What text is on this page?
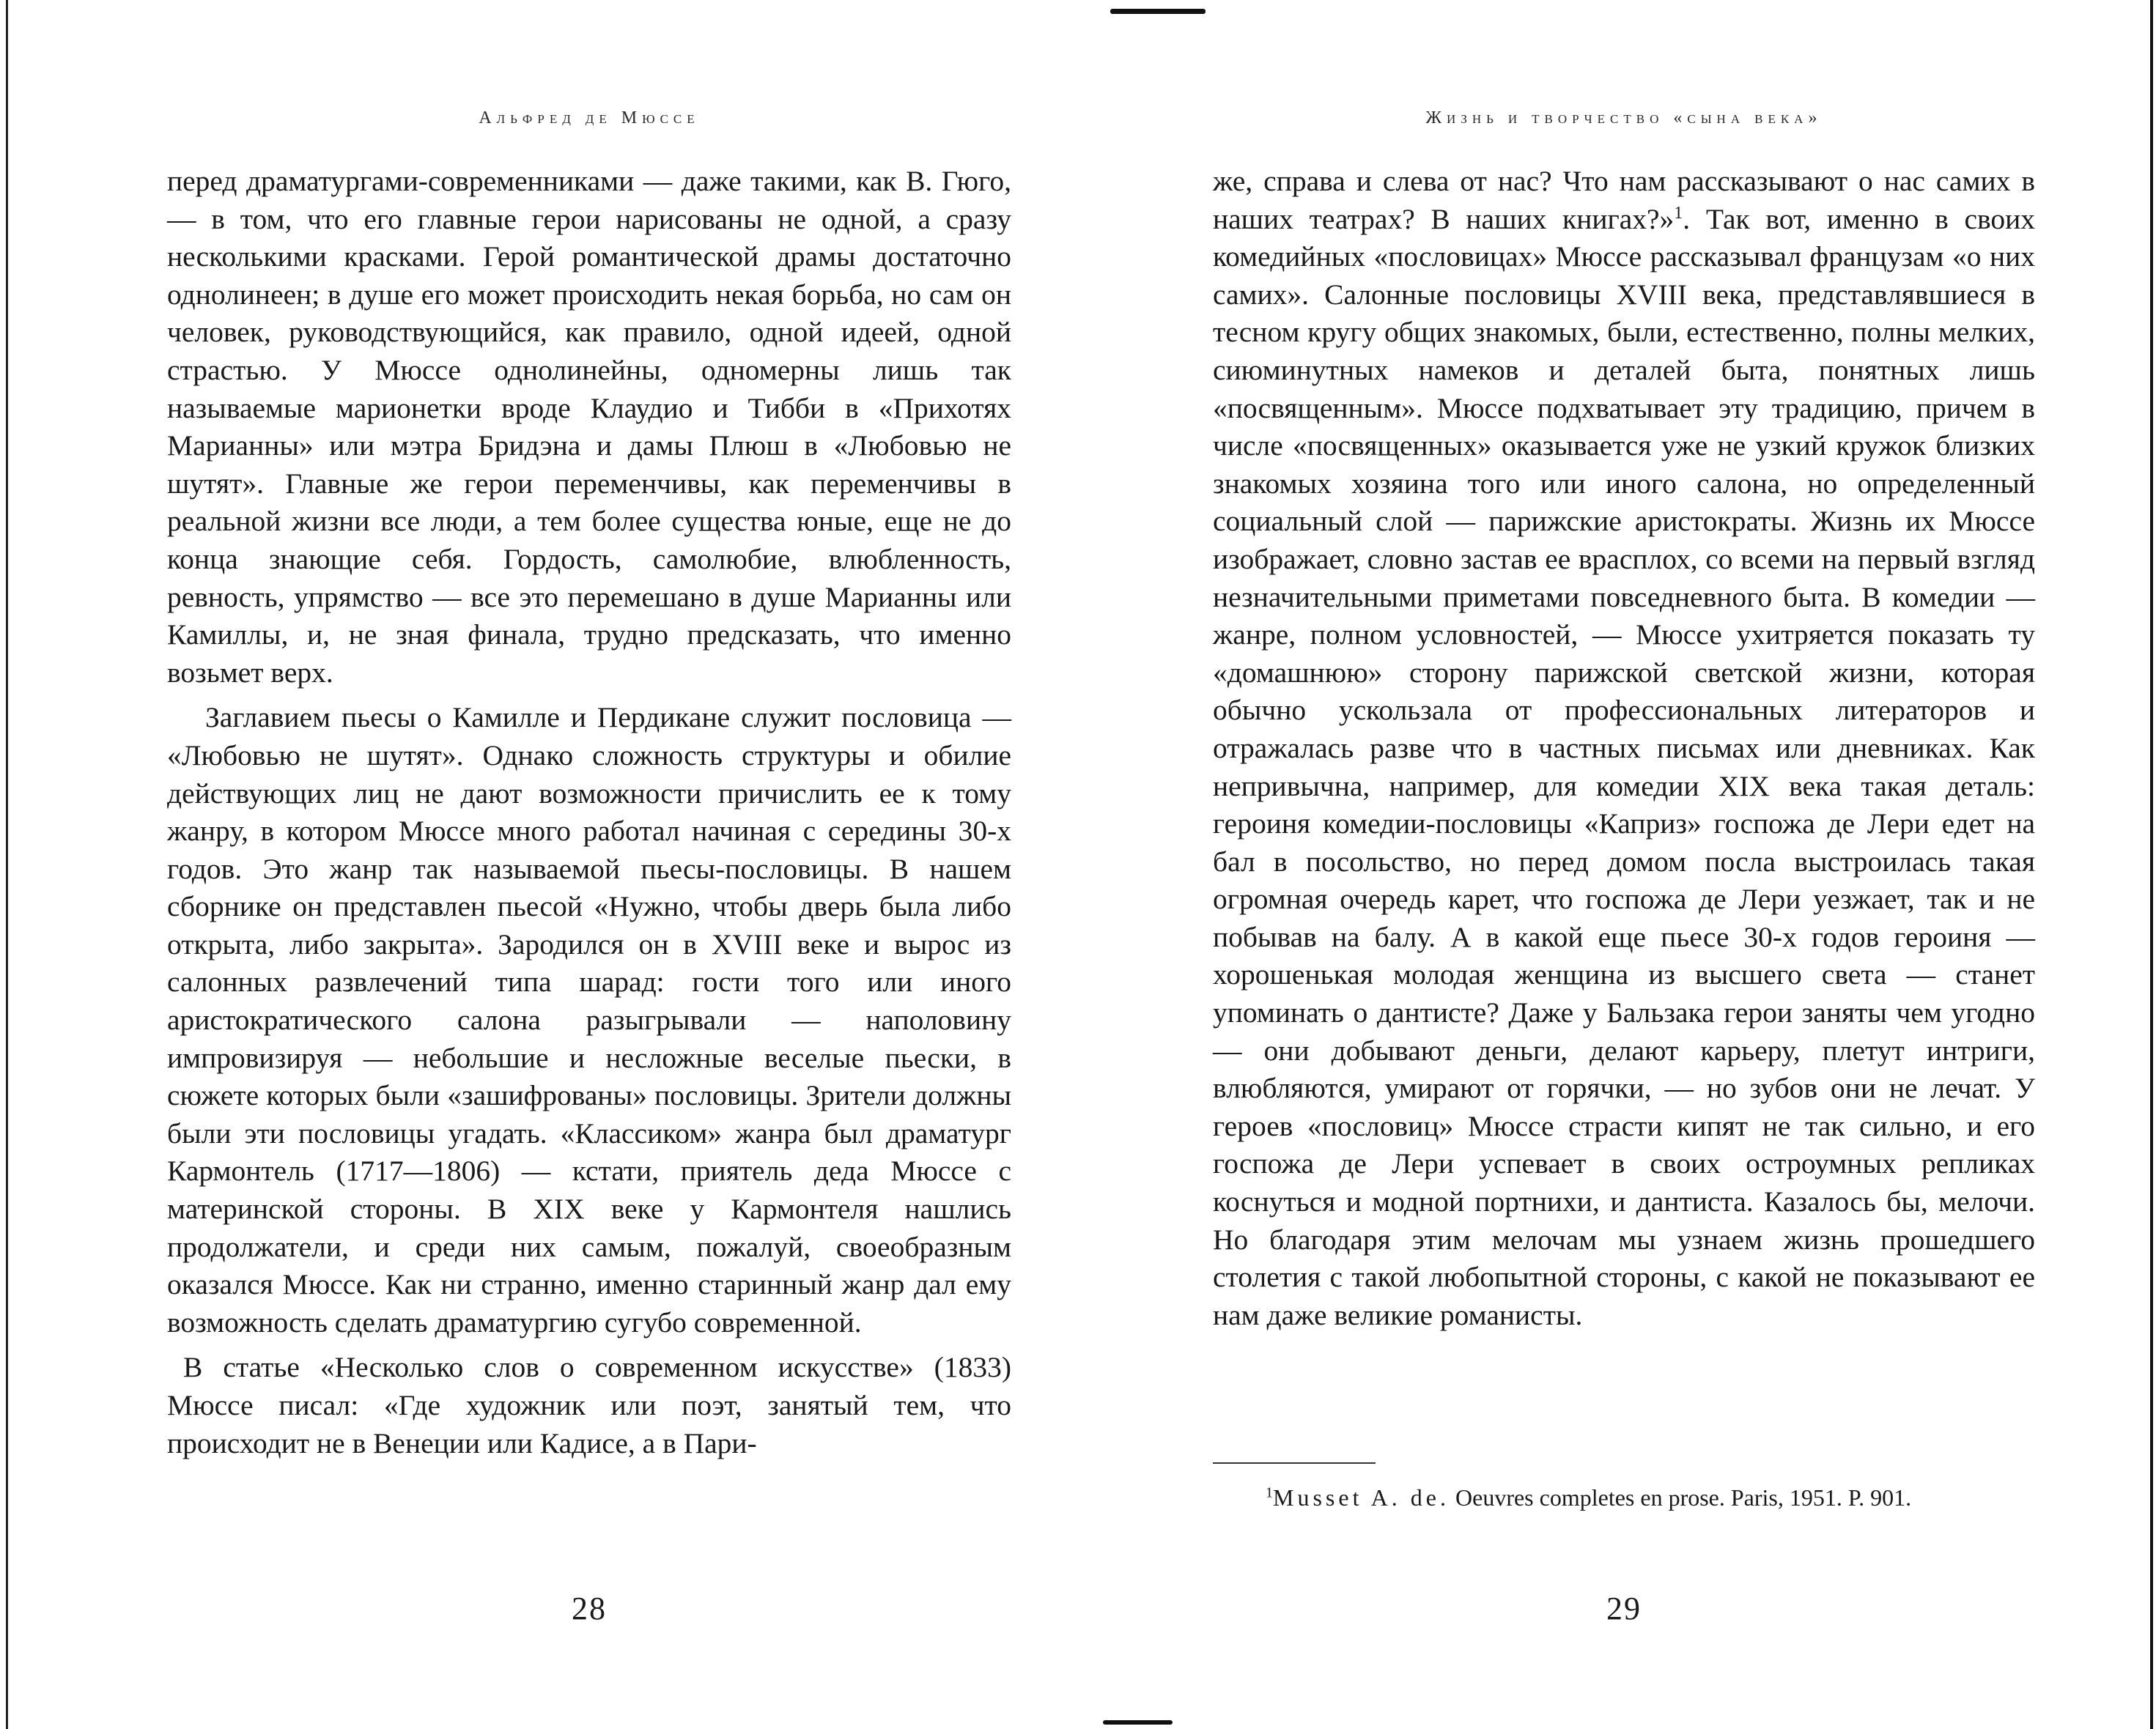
Альфред де Мюссе

перед драматургами-современниками — даже такими, как В. Гюго, — в том, что его главные герои нарисованы не одной, а сразу несколькими красками. Герой романтической драмы достаточно однолинеен; в душе его может происходить некая борьба, но сам он человек, руководствующийся, как правило, одной идеей, одной страстью. У Мюссе однолинейны, одномерны лишь так называемые марионетки вроде Клаудио и Тибби в «Прихотях Марианны» или мэтра Бридэна и дамы Плюш в «Любовью не шутят». Главные же герои переменчивы, как переменчивы в реальной жизни все люди, а тем более существа юные, еще не до конца знающие себя. Гордость, самолюбие, влюбленность, ревность, упрямство — все это перемешано в душе Марианны или Камиллы, и, не зная финала, трудно предсказать, что именно возьмет верх.

Заглавием пьесы о Камилле и Пердикане служит пословица — «Любовью не шутят». Однако сложность структуры и обилие действующих лиц не дают возможности причислить ее к тому жанру, в котором Мюссе много работал начиная с середины 30-х годов. Это жанр так называемой пьесы-пословицы. В нашем сборнике он представлен пьесой «Нужно, чтобы дверь была либо открыта, либо закрыта». Зародился он в XVIII веке и вырос из салонных развлечений типа шарад: гости того или иного аристократического салона разыгрывали — наполовину импровизируя — небольшие и несложные веселые пьески, в сюжете которых были «зашифрованы» пословицы. Зрители должны были эти пословицы угадать. «Классиком» жанра был драматург Кармонтель (1717—1806) — кстати, приятель деда Мюссе с материнской стороны. В XIX веке у Кармонтеля нашлись продолжатели, и среди них самым, пожалуй, своеобразным оказался Мюссе. Как ни странно, именно старинный жанр дал ему возможность сделать драматургию сугубо современной.

В статье «Несколько слов о современном искусстве» (1833) Мюссе писал: «Где художник или поэт, занятый тем, что происходит не в Венеции или Кадисе, а в Пари-

28
Жизнь и творчество «сына века»

же, справа и слева от нас? Что нам рассказывают о нас самих в наших театрах? В наших книгах?»$^1$. Так вот, именно в своих комедийных «пословицах» Мюссе рассказывал французам «о них самих». Салонные пословицы XVIII века, представлявшиеся в тесном кругу общих знакомых, были, естественно, полны мелких, сиюминутных намеков и деталей быта, понятных лишь «посвященным». Мюссе подхватывает эту традицию, причем в числе «посвященных» оказывается уже не узкий кружок близких знакомых хозяина того или иного салона, но определенный социальный слой — парижские аристократы. Жизнь их Мюссе изображает, словно застав ее врасплох, со всеми на первый взгляд незначительными приметами повседневного быта. В комедии — жанре, полном условностей, — Мюссе ухитряется показать ту «домашнюю» сторону парижской светской жизни, которая обычно ускользала от профессиональных литераторов и отражалась разве что в частных письмах или дневниках. Как непривычна, например, для комедии XIX века такая деталь: героиня комедии-пословицы «Каприз» госпожа де Лери едет на бал в посольство, но перед домом посла выстроилась такая огромная очередь карет, что госпожа де Лери уезжает, так и не побывав на балу. А в какой еще пьесе 30-х годов героиня — хорошенькая молодая женщина из высшего света — станет упоминать о дантисте? Даже у Бальзака герои заняты чем угодно — они добывают деньги, делают карьеру, плетут интриги, влюбляются, умирают от горячки, — но зубов они не лечат. У героев «пословиц» Мюссе страсти кипят не так сильно, и его госпожа де Лери успевает в своих остроумных репликах коснуться и модной портнихи, и дантиста. Казалось бы, мелочи. Но благодаря этим мелочам мы узнаем жизнь прошедшего столетия с такой любопытной стороны, с какой не показывают ее нам даже великие романисты.

$^1$Musset A. de. Oeuvres completes en prose. Paris, 1951. P. 901.
29
